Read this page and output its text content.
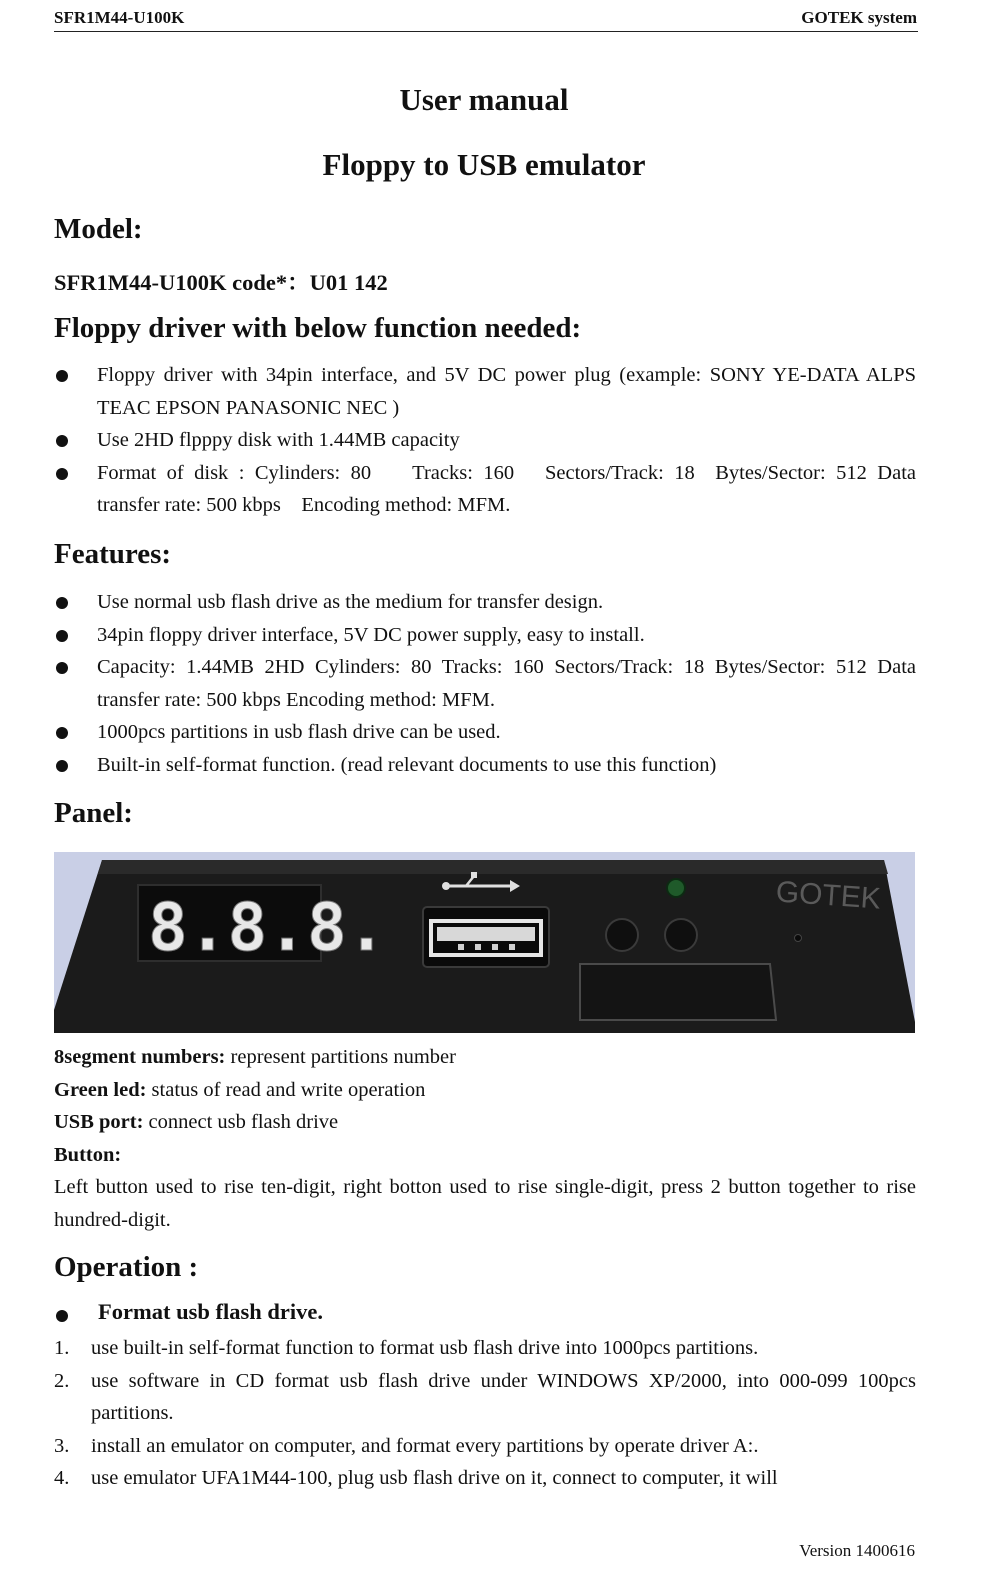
SFR1M44-U100K	GOTEK system
User manual
Floppy to USB emulator
Model:
SFR1M44-U100K code*：U01 142
Floppy driver with below function needed:
Floppy driver with 34pin interface, and 5V DC power plug (example: SONY YE-DATA ALPS TEAC EPSON PANASONIC NEC )
Use 2HD flpppy disk with 1.44MB capacity
Format of disk : Cylinders: 80  Tracks: 160  Sectors/Track: 18 Bytes/Sector: 512 Data transfer rate: 500 kbps Encoding method: MFM.
Features:
Use normal usb flash drive as the medium for transfer design.
34pin floppy driver interface, 5V DC power supply, easy to install.
Capacity: 1.44MB 2HD Cylinders: 80 Tracks: 160 Sectors/Track: 18 Bytes/Sector: 512 Data transfer rate: 500 kbps Encoding method: MFM.
1000pcs partitions in usb flash drive can be used.
Built-in self-format function. (read relevant documents to use this function)
Panel:
8.8.8.	GOTEK
8segment numbers: represent partitions number
Green led: status of read and write operation
USB port: connect usb flash drive
Button:
Left button used to rise ten-digit, right botton used to rise single-digit, press 2 button together to rise hundred-digit.
Operation :
Format usb flash drive.
1. use built-in self-format function to format usb flash drive into 1000pcs partitions.
2. use software in CD format usb flash drive under WINDOWS XP/2000, into 000-099 100pcs partitions.
3. install an emulator on computer, and format every partitions by operate driver A:.
4. use emulator UFA1M44-100, plug usb flash drive on it, connect to computer, it will
Version 1400616
